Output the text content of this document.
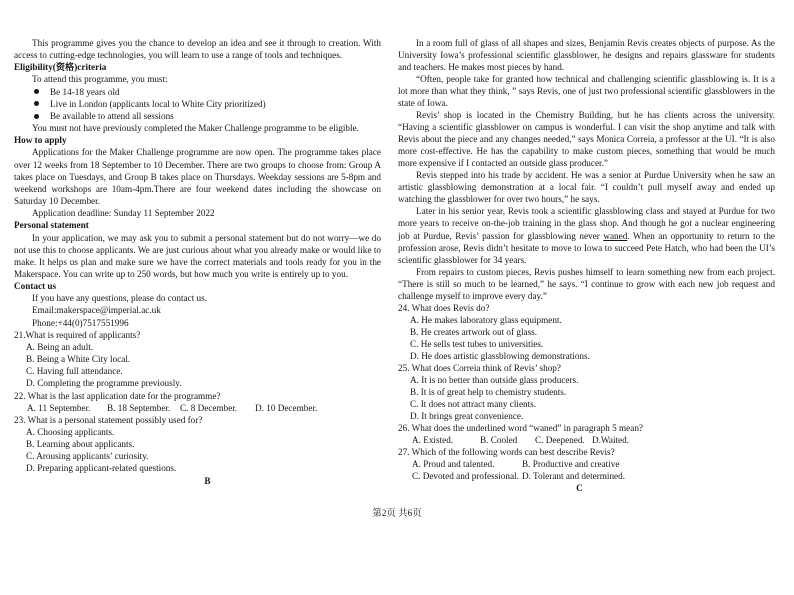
This programme gives you the chance to develop an idea and see it through to creation. With access to cutting-edge technologies, you will learn to use a range of tools and techniques.

Eligibility(资格)criteria
To attend this programme, you must:
Be 14-18 years old
Live in London (applicants local to White City prioritized)
Be available to attend all sessions
You must not have previously completed the Maker Challenge programme to be eligible.
How to apply

Applications for the Maker Challenge programme are now open. The programme takes place over 12 weeks from 18 September to 10 December. There are two groups to choose from: Group A takes place on Tuesdays, and Group B takes place on Thursdays. Weekday sessions are 5-8pm and weekend workshops are 10am-4pm.There are four weekend dates including the showcase on Saturday 10 December.

Application deadline: Sunday 11 September 2022
Personal statement

In your application, we may ask you to submit a personal statement but do not worry—we do not use this to choose applicants. We are just curious about what you already make or would like to make. It helps us plan and make sure we have the correct materials and tools ready for you in the Makerspace. You can write up to 250 words, but how much you write is entirely up to you.

Contact us
If you have any questions, please do contact us.
Email:makerspace@imperial.ac.uk
Phone:+44(0)7517551996
21.What is required of applicants?
A. Being an adult.
B. Being a White City local.
C. Having full attendance.
D. Completing the programme previously.
22. What is the last application date for the programme?
A. 11 September. B. 18 September. C. 8 December. D. 10 December.
23. What is a personal statement possibly used for?
A. Choosing applicants.
B. Learning about applicants.
C. Arousing applicants’ curiosity.
D. Preparing applicant-related questions.
B

In a room full of glass of all shapes and sizes, Benjamin Revis creates objects of purpose. As the University Iowa’s professional scientific glassblower, he designs and repairs glassware for students and teachers. He makes most pieces by hand.

“Often, people take for granted how technical and challenging scientific glassblowing is. It is a lot more than what they think, ” says Revis, one of just two professional scientific glassblowers in the state of Iowa.

Revis’ shop is located in the Chemistry Building, but he has clients across the university. “Having a scientific glassblower on campus is wonderful. I can visit the shop anytime and talk with Revis about the piece and any changes needed,” says Monica Correia, a professor at the UI. “It is also more cost-effective. He has the capability to make custom pieces, something that would be much more expensive if I contacted an outside glass producer.”

Revis stepped into his trade by accident. He was a senior at Purdue University when he saw an artistic glassblowing demonstration at a local fair. “I couldn’t pull myself away and ended up watching the glassblower for over two hours,” he says.

Later in his senior year, Revis took a scientific glassblowing class and stayed at Purdue for two more years to receive on-the-job training in the glass shop. And though he got a nuclear engineering job at Purdue, Revis’ passion for glassblowing never waned. When an opportunity to return to the profession arose, Revis didn’t hesitate to move to Iowa to succeed Pete Hatch, who had been the UI’s scientific glassblower for 34 years.

From repairs to custom pieces, Revis pushes himself to learn something new from each project. “There is still so much to be learned,” he says. “I continue to grow with each new job request and challenge myself to improve every day.”

24. What does Revis do?
A. He makes laboratory glass equipment.
B. He creates artwork out of glass.
C. He sells test tubes to universities.
D. He does artistic glassblowing demonstrations.
25. What does Correia think of Revis’ shop?
A. It is no better than outside glass producers.
B. It is of great help to chemistry students.
C. It does not attract many clients.
D. It brings great convenience.
26. What does the underlined word “waned” in paragraph 5 mean?
A. Existed.	B. Cooled C. Deepened. D.Waited.
27. Which of the following words can best describe Revis?
A. Proud and talented.	B. Productive and creative
C. Devoted and professional. D. Tolerant and determined.
C
第2页 共6页
